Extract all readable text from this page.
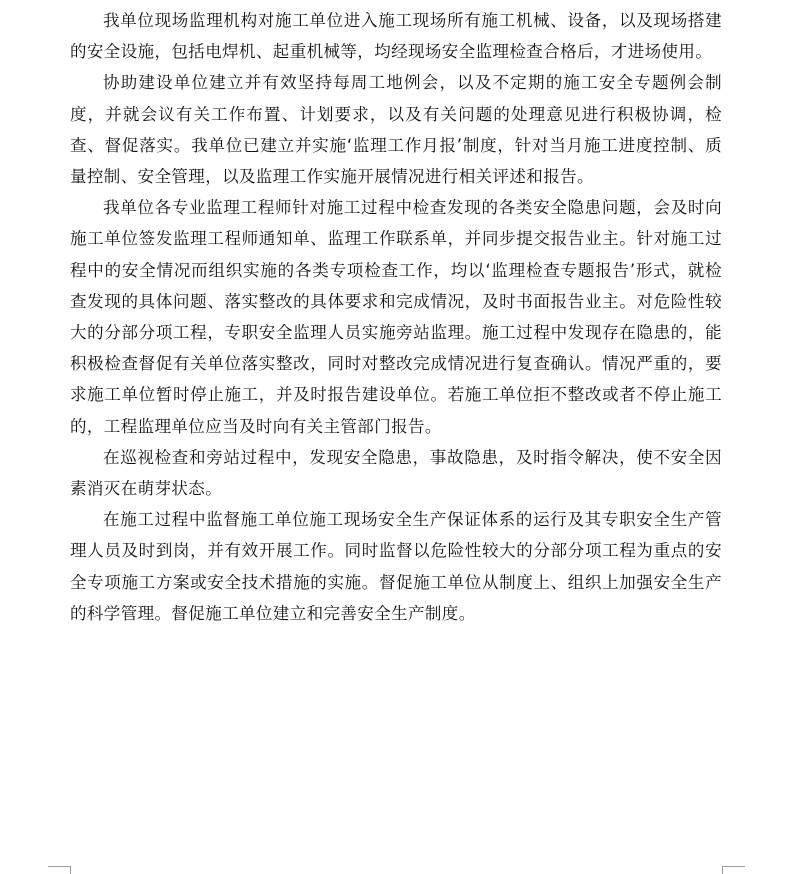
我单位现场监理机构对施工单位进入施工现场所有施工机械、设备，以及现场搭建的安全设施，包括电焊机、起重机械等，均经现场安全监理检查合格后，才进场使用。

协助建设单位建立并有效坚持每周工地例会，以及不定期的施工安全专题例会制度，并就会议有关工作布置、计划要求，以及有关问题的处理意见进行积极协调，检查、督促落实。我单位已建立并实施‘监理工作月报’制度，针对当月施工进度控制、质量控制、安全管理，以及监理工作实施开展情况进行相关评述和报告。

我单位各专业监理工程师针对施工过程中检查发现的各类安全隐患问题，会及时向施工单位签发监理工程师通知单、监理工作联系单，并同步提交报告业主。针对施工过程中的安全情况而组织实施的各类专项检查工作，均以‘监理检查专题报告’形式，就检查发现的具体问题、落实整改的具体要求和完成情况，及时书面报告业主。对危险性较大的分部分项工程，专职安全监理人员实施旁站监理。施工过程中发现存在隐患的，能积极检查督促有关单位落实整改，同时对整改完成情况进行复查确认。情况严重的，要求施工单位暂时停止施工，并及时报告建设单位。若施工单位拒不整改或者不停止施工的，工程监理单位应当及时向有关主管部门报告。

在巡视检查和旁站过程中，发现安全隐患，事故隐患，及时指令解决，使不安全因素消灭在萌芽状态。

在施工过程中监督施工单位施工现场安全生产保证体系的运行及其专职安全生产管理人员及时到岗，并有效开展工作。同时监督以危险性较大的分部分项工程为重点的安全专项施工方案或安全技术措施的实施。督促施工单位从制度上、组织上加强安全生产的科学管理。督促施工单位建立和完善安全生产制度。
